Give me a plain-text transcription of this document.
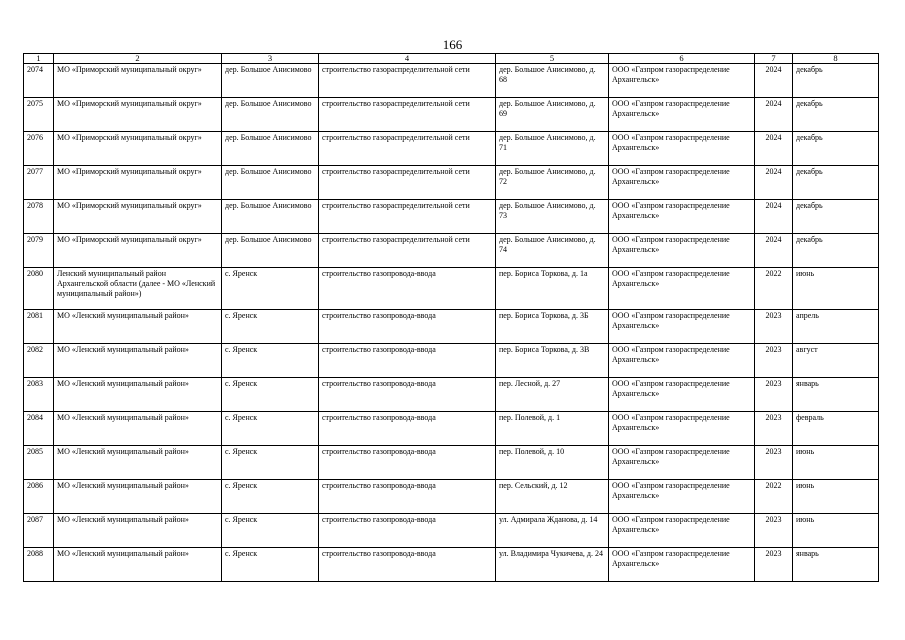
166
1	2	3	4	5	6	7	8
2074	МО «Приморский муниципальный округ»	дер. Большое Анисимово	строительство газораспределительной сети	дер. Большое Анисимово, д. 68	ООО «Газпром газораспределение Архангельск»	2024	декабрь
2075	МО «Приморский муниципальный округ»	дер. Большое Анисимово	строительство газораспределительной сети	дер. Большое Анисимово, д. 69	ООО «Газпром газораспределение Архангельск»	2024	декабрь
2076	МО «Приморский муниципальный округ»	дер. Большое Анисимово	строительство газораспределительной сети	дер. Большое Анисимово, д. 71	ООО «Газпром газораспределение Архангельск»	2024	декабрь
2077	МО «Приморский муниципальный округ»	дер. Большое Анисимово	строительство газораспределительной сети	дер. Большое Анисимово, д. 72	ООО «Газпром газораспределение Архангельск»	2024	декабрь
2078	МО «Приморский муниципальный округ»	дер. Большое Анисимово	строительство газораспределительной сети	дер. Большое Анисимово, д. 73	ООО «Газпром газораспределение Архангельск»	2024	декабрь
2079	МО «Приморский муниципальный округ»	дер. Большое Анисимово	строительство газораспределительной сети	дер. Большое Анисимово, д. 74	ООО «Газпром газораспределение Архангельск»	2024	декабрь
2080	Ленский муниципальный район Архангельской области (далее - МО «Ленский муниципальный район»)	с. Яренск	строительство газопровода-ввода	пер. Бориса Торкова, д. 1а	ООО «Газпром газораспределение Архангельск»	2022	июнь
2081	МО «Ленский муниципальный район»	с. Яренск	строительство газопровода-ввода	пер. Бориса Торкова, д. 3Б	ООО «Газпром газораспределение Архангельск»	2023	апрель
2082	МО «Ленский муниципальный район»	с. Яренск	строительство газопровода-ввода	пер. Бориса Торкова, д. 3В	ООО «Газпром газораспределение Архангельск»	2023	август
2083	МО «Ленский муниципальный район»	с. Яренск	строительство газопровода-ввода	пер. Лесной, д. 27	ООО «Газпром газораспределение Архангельск»	2023	январь
2084	МО «Ленский муниципальный район»	с. Яренск	строительство газопровода-ввода	пер. Полевой, д. 1	ООО «Газпром газораспределение Архангельск»	2023	февраль
2085	МО «Ленский муниципальный район»	с. Яренск	строительство газопровода-ввода	пер. Полевой, д. 10	ООО «Газпром газораспределение Архангельск»	2023	июнь
2086	МО «Ленский муниципальный район»	с. Яренск	строительство газопровода-ввода	пер. Сельский, д. 12	ООО «Газпром газораспределение Архангельск»	2022	июнь
2087	МО «Ленский муниципальный район»	с. Яренск	строительство газопровода-ввода	ул. Адмирала Жданова, д. 14	ООО «Газпром газораспределение Архангельск»	2023	июнь
2088	МО «Ленский муниципальный район»	с. Яренск	строительство газопровода-ввода	ул. Владимира Чукичева, д. 24	ООО «Газпром газораспределение Архангельск»	2023	январь
